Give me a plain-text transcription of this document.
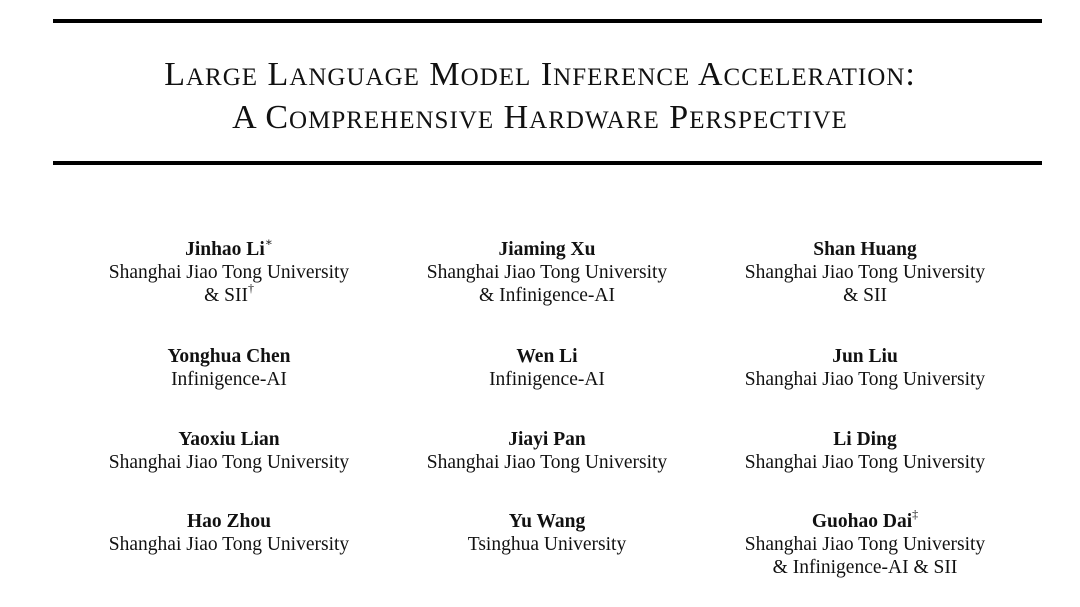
LARGE LANGUAGE MODEL INFERENCE ACCELERATION:
A COMPREHENSIVE HARDWARE PERSPECTIVE
Jinhao Li∗
Shanghai Jiao Tong University
& SII†
Jiaming Xu
Shanghai Jiao Tong University
& Infinigence-AI
Shan Huang
Shanghai Jiao Tong University
& SII
Yonghua Chen
Infinigence-AI
Wen Li
Infinigence-AI
Jun Liu
Shanghai Jiao Tong University
Yaoxiu Lian
Shanghai Jiao Tong University
Jiayi Pan
Shanghai Jiao Tong University
Li Ding
Shanghai Jiao Tong University
Hao Zhou
Shanghai Jiao Tong University
Yu Wang
Tsinghua University
Guohao Dai‡
Shanghai Jiao Tong University
& Infinigence-AI & SII
